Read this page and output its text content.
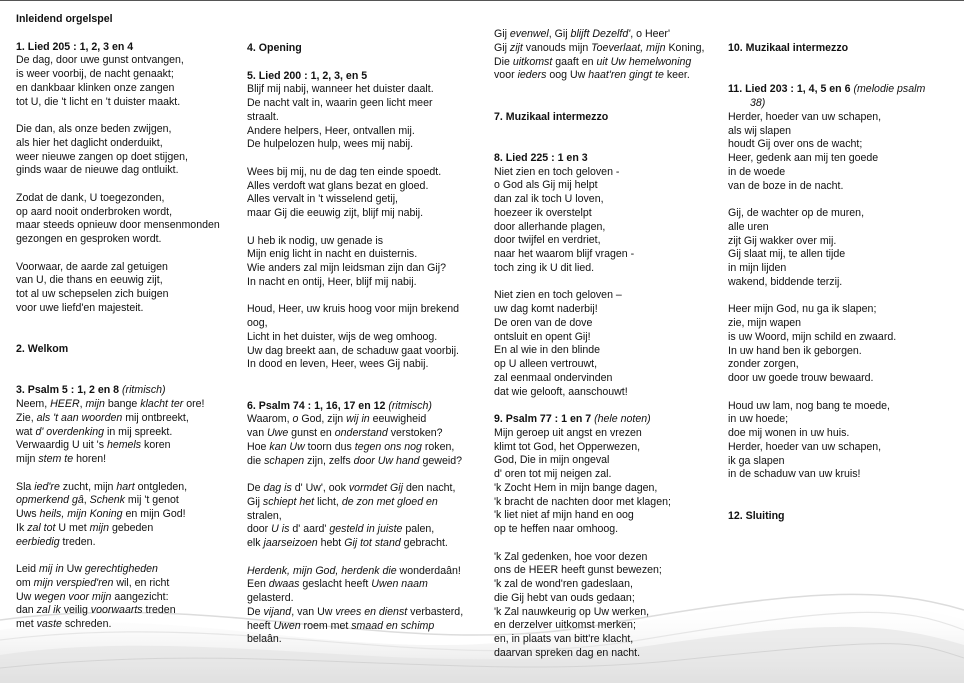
Inleidend orgelspel
1. Lied 205 : 1, 2, 3 en 4
De dag, door uwe gunst ontvangen,
is weer voorbij, de nacht genaakt;
en dankbaar klinken onze zangen
tot U, die 't licht en 't duister maakt.
Die dan, als onze beden zwijgen,
als hier het daglicht onderduikt,
weer nieuwe zangen op doet stijgen,
ginds waar de nieuwe dag ontluikt.
Zodat de dank, U toegezonden,
op aard nooit onderbroken wordt,
maar steeds opnieuw door mensenmonden
gezongen en gesproken wordt.
Voorwaar, de aarde zal getuigen
van U, die thans en eeuwig zijt,
tot al uw schepselen zich buigen
voor uwe liefd'en majesteit.
2. Welkom
3. Psalm 5 : 1, 2 en 8 (ritmisch)
Neem, HEER, mijn bange klacht ter ore!
Zie, als 't aan woorden mij ontbreekt,
wat d' overdenking in mij spreekt.
Verwaardig U uit 's hemels koren
mijn stem te horen!
Sla ied're zucht, mijn hart ontgleden,
opmerkend gâ, Schenk mij 't genot
Uws heils, mijn Koning en mijn God!
Ik zal tot U met mijn gebeden
eerbiedig treden.
Leid mij in Uw gerechtigheden
om mijn verspied'ren wil, en richt
Uw wegen voor mijn aangezicht:
dan zal ik veilig voorwaarts treden
met vaste schreden.
4. Opening
5. Lied 200 : 1, 2, 3, en 5
Blijf mij nabij, wanneer het duister daalt.
De nacht valt in, waarin geen licht meer
straalt.
Andere helpers, Heer, ontvallen mij.
De hulpelozen hulp, wees mij nabij.
Wees bij mij, nu de dag ten einde spoedt.
Alles verdoft wat glans bezat en gloed.
Alles vervalt in 't wisselend getij,
maar Gij die eeuwig zijt, blijf mij nabij.
U heb ik nodig, uw genade is
Mijn enig licht in nacht en duisternis.
Wie anders zal mijn leidsman zijn dan Gij?
In nacht en ontij, Heer, blijf mij nabij.
Houd, Heer, uw kruis hoog voor mijn brekend
oog,
Licht in het duister, wijs de weg omhoog.
Uw dag breekt aan, de schaduw gaat voorbij.
In dood en leven, Heer, wees Gij nabij.
6. Psalm 74 : 1, 16, 17 en 12 (ritmisch)
Waarom, o God, zijn wij in eeuwigheid
van Uwe gunst en onderstand verstoken?
Hoe kan Uw toorn dus tegen ons nog roken,
die schapen zijn, zelfs door Uw hand geweid?
De dag is d' Uw', ook vormdet Gij den nacht,
Gij schiept het licht, de zon met gloed en
stralen,
door U is d' aard' gesteld in juiste palen,
elk jaarseizoen hebt Gij tot stand gebracht.
Herdenk, mijn God, herdenk die wonderdaân!
Een dwaas geslacht heeft Uwen naam
gelasterd.
De vijand, van Uw vrees en dienst verbasterd,
heeft Uwen roem met smaad en schimp
belaân.
Gij evenwel, Gij blijft Dezelfd', o Heer'
Gij zijt vanouds mijn Toeverlaat, mijn Koning,
Die uitkomst gaaft en uit Uw hemelwoning
voor ieders oog Uw haat'ren gingt te keer.
7. Muzikaal intermezzo
8. Lied 225 : 1 en 3
Niet zien en toch geloven -
o God als Gij mij helpt
dan zal ik toch U loven,
hoezeer ik overstelpt
door allerhande plagen,
door twijfel en verdriet,
naar het waarom blijf vragen -
toch zing ik U dit lied.
Niet zien en toch geloven –
uw dag komt naderbij!
De oren van de dove
ontsluit en opent Gij!
En al wie in den blinde
op U alleen vertrouwt,
zal eenmaal ondervinden
dat wie gelooft, aanschouwt!
9. Psalm 77 : 1 en 7 (hele noten)
Mijn geroep uit angst en vrezen
klimt tot God, het Opperwezen,
God, Die in mijn ongeval
d' oren tot mij neigen zal.
'k Zocht Hem in mijn bange dagen,
'k bracht de nachten door met klagen;
'k liet niet af mijn hand en oog
op te heffen naar omhoog.
'k Zal gedenken, hoe voor dezen
ons de HEER heeft gunst bewezen;
'k zal de wond'ren gadeslaan,
die Gij hebt van ouds gedaan;
'k Zal nauwkeurig op Uw werken,
en derzelver uitkomst merken;
en, in plaats van bitt're klacht,
daarvan spreken dag en nacht.
10. Muzikaal intermezzo
11. Lied 203 : 1, 4, 5 en 6 (melodie psalm
38)
Herder, hoeder van uw schapen,
als wij slapen
houdt Gij over ons de wacht;
Heer, gedenk aan mij ten goede
in de woede
van de boze in de nacht.
Gij, de wachter op de muren,
alle uren
zijt Gij wakker over mij.
Gij slaat mij, te allen tijde
in mijn lijden
wakend, biddende terzij.
Heer mijn God, nu ga ik slapen;
zie, mijn wapen
is uw Woord, mijn schild en zwaard.
In uw hand ben ik geborgen.
zonder zorgen,
door uw goede trouw bewaard.
Houd uw lam, nog bang te moede,
in uw hoede;
doe mij wonen in uw huis.
Herder, hoeder van uw schapen,
ik ga slapen
in de schaduw van uw kruis!
12. Sluiting
